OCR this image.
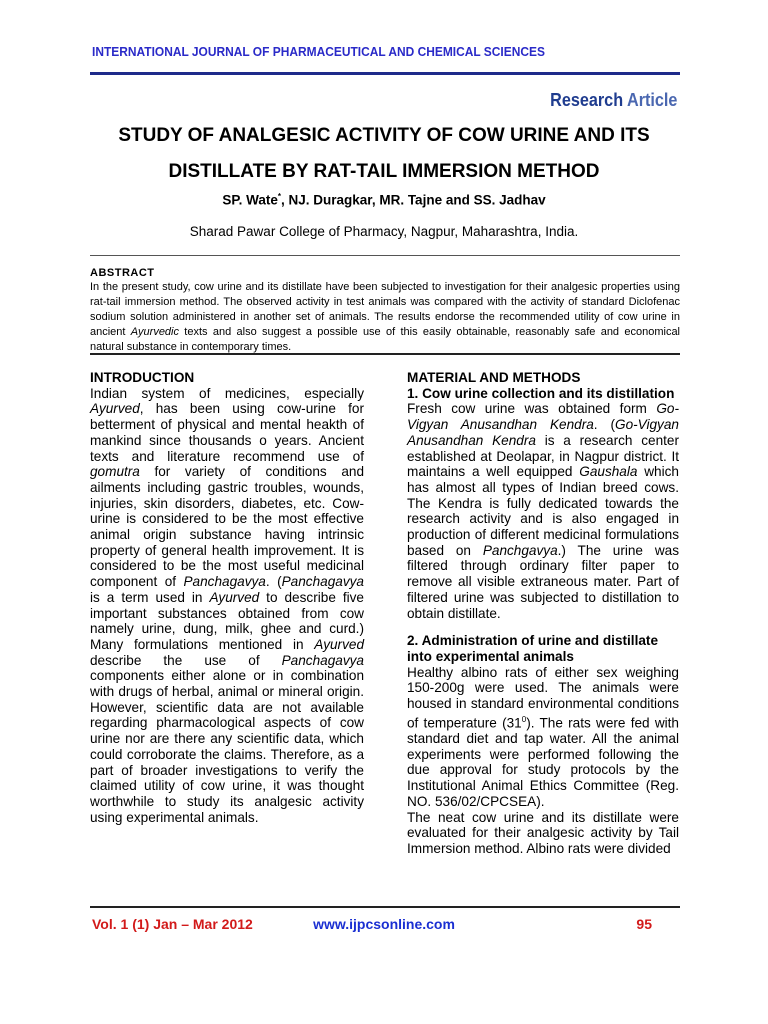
INTERNATIONAL JOURNAL OF PHARMACEUTICAL AND CHEMICAL SCIENCES
Research Article
STUDY OF ANALGESIC ACTIVITY OF COW URINE AND ITS
DISTILLATE BY RAT-TAIL IMMERSION METHOD
SP. Wate*, NJ. Duragkar, MR. Tajne and SS. Jadhav
Sharad Pawar College of Pharmacy, Nagpur, Maharashtra, India.
ABSTRACT
In the present study, cow urine and its distillate have been subjected to investigation for their analgesic properties using rat-tail immersion method. The observed activity in test animals was compared with the activity of standard Diclofenac sodium solution administered in another set of animals. The results endorse the recommended utility of cow urine in ancient Ayurvedic texts and also suggest a possible use of this easily obtainable, reasonably safe and economical natural substance in contemporary times.
INTRODUCTION
Indian system of medicines, especially Ayurved, has been using cow-urine for betterment of physical and mental heakth of mankind since thousands o years. Ancient texts and literature recommend use of gomutra for variety of conditions and ailments including gastric troubles, wounds, injuries, skin disorders, diabetes, etc. Cow-urine is considered to be the most effective animal origin substance having intrinsic property of general health improvement. It is considered to be the most useful medicinal component of Panchagavya. (Panchagavya is a term used in Ayurved to describe five important substances obtained from cow namely urine, dung, milk, ghee and curd.) Many formulations mentioned in Ayurved describe the use of Panchagavya components either alone or in combination with drugs of herbal, animal or mineral origin. However, scientific data are not available regarding pharmacological aspects of cow urine nor are there any scientific data, which could corroborate the claims. Therefore, as a part of broader investigations to verify the claimed utility of cow urine, it was thought worthwhile to study its analgesic activity using experimental animals.
MATERIAL AND METHODS
1. Cow urine collection and its distillation
Fresh cow urine was obtained form Go-Vigyan Anusandhan Kendra. (Go-Vigyan Anusandhan Kendra is a research center established at Deolapar, in Nagpur district. It maintains a well equipped Gaushala which has almost all types of Indian breed cows. The Kendra is fully dedicated towards the research activity and is also engaged in production of different medicinal formulations based on Panchgavya.) The urine was filtered through ordinary filter paper to remove all visible extraneous mater. Part of filtered urine was subjected to distillation to obtain distillate.
2. Administration of urine and distillate into experimental animals
Healthy albino rats of either sex weighing 150-200g were used. The animals were housed in standard environmental conditions of temperature $(31^0)$. The rats were fed with standard diet and tap water. All the animal experiments were performed following the due approval for study protocols by the Institutional Animal Ethics Committee (Reg. NO. 536/02/CPCSEA).
The neat cow urine and its distillate were evaluated for their analgesic activity by Tail Immersion method. Albino rats were divided
Vol. 1 (1) Jan – Mar 2012	www.ijpcsonline.com	95
